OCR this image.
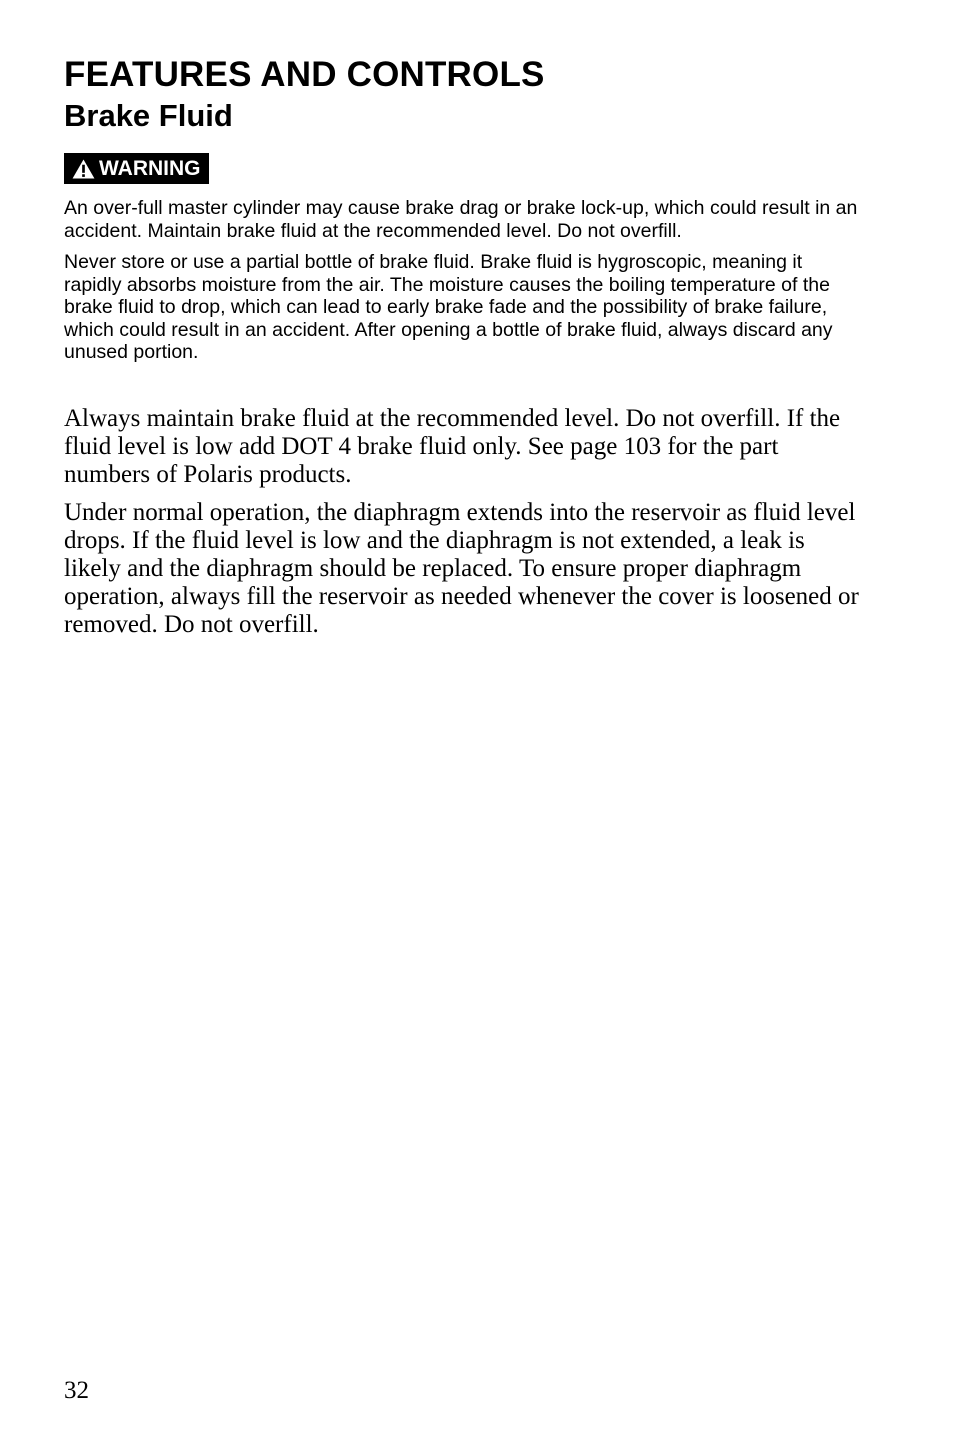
FEATURES AND CONTROLS
Brake Fluid
WARNING

An over-full master cylinder may cause brake drag or brake lock-up, which could result in an accident. Maintain brake fluid at the recommended level. Do not overfill.

Never store or use a partial bottle of brake fluid. Brake fluid is hygroscopic, meaning it rapidly absorbs moisture from the air. The moisture causes the boiling temperature of the brake fluid to drop, which can lead to early brake fade and the possibility of brake failure, which could result in an accident. After opening a bottle of brake fluid, always discard any unused portion.

Always maintain brake fluid at the recommended level. Do not overfill. If the fluid level is low add DOT 4 brake fluid only. See page 103 for the part numbers of Polaris products.

Under normal operation, the diaphragm extends into the reservoir as fluid level drops. If the fluid level is low and the diaphragm is not extended, a leak is likely and the diaphragm should be replaced. To ensure proper diaphragm operation, always fill the reservoir as needed whenever the cover is loosened or removed. Do not overfill.

32
